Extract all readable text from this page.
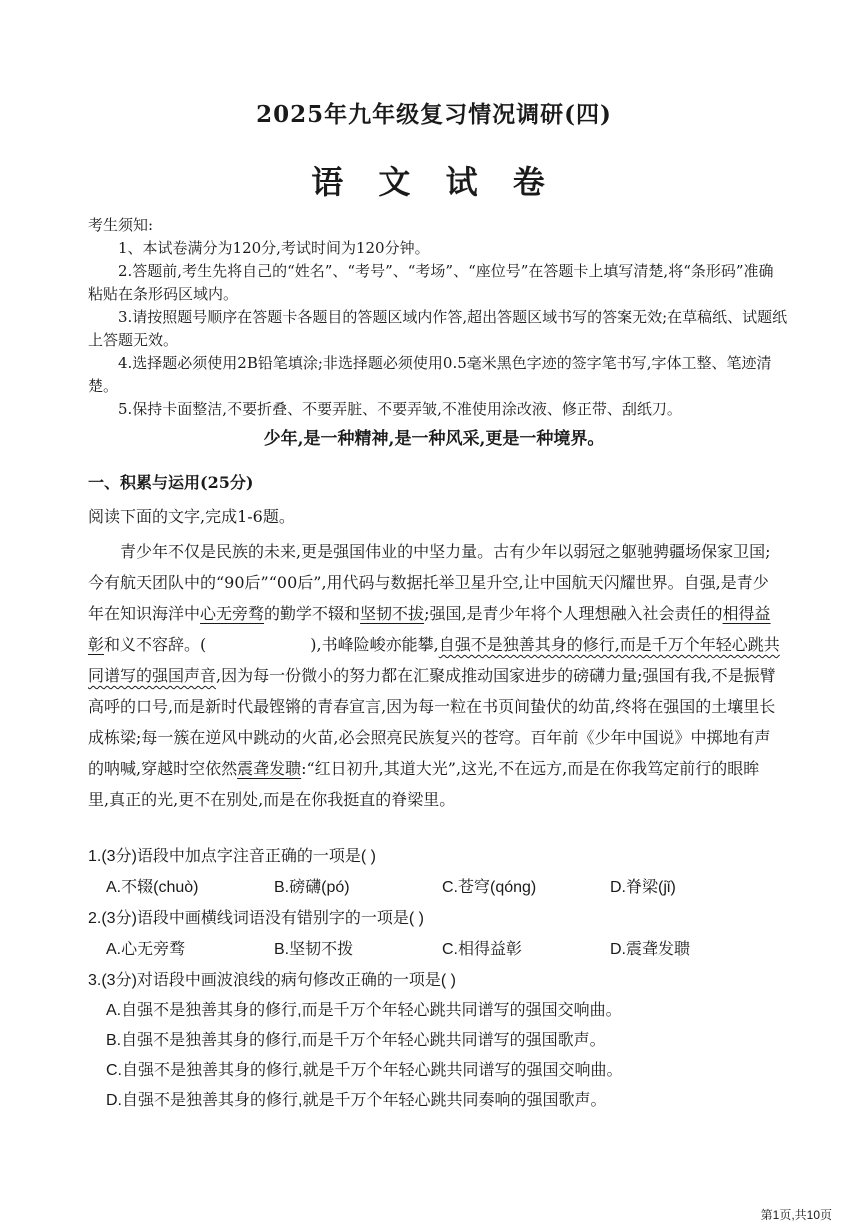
2025年九年级复习情况调研(四)
语 文 试 卷

考生须知:

1、本试卷满分为120分,考试时间为120分钟。

2.答题前,考生先将自己的“姓名”、“考号”、“考场”、“座位号”在答题卡上填写清楚,将“条形码”准确粘贴在条形码区域内。

3.请按照题号顺序在答题卡各题目的答题区域内作答,超出答题区域书写的答案无效;在草稿纸、试题纸上答题无效。

4.选择题必须使用2B铅笔填涂;非选择题必须使用0.5毫米黑色字迹的签字笔书写,字体工整、笔迹清楚。

5.保持卡面整洁,不要折叠、不要弄脏、不要弄皱,不准使用涂改液、修正带、刮纸刀。

少年,是一种精神,是一种风采,更是一种境界。
一、积累与运用(25分)
阅读下面的文字,完成1-6题。

青少年不仅是民族的未来,更是强国伟业的中坚力量。古有少年以弱冠之躯驰骋疆场保家卫国;今有航天团队中的“90后”“00后”,用代码与数据托举卫星升空,让中国航天闪耀世界。自强,是青少年在知识海洋中心无旁骛的勤学不辍和坚韧不拔;强国,是青少年将个人理想融入社会责任的相得益彰和义不容辞。(	),书峰险峻亦能攀,自强不是独善其身的修行,而是千万个年轻心跳共同谱写的强国声音,因为每一份微小的努力都在汇聚成推动国家进步的磅礴力量;强国有我,不是振臂高呼的口号,而是新时代最铿锵的青春宣言,因为每一粒在书页间蛰伏的幼苗,终将在强国的土壤里长成栋梁;每一簇在逆风中跳动的火苗,必会照亮民族复兴的苍穹。百年前《少年中国说》中掷地有声的呐喊,穿越时空依然震聋发聩:“红日初升,其道大光”,这光,不在远方,而是在你我笃定前行的眼眸里,真正的光,更不在别处,而是在你我挺直的脊梁里。

1.(3分)语段中加点字注音正确的一项是( )
A.不辍(chuò)	B.磅礴(pó)	C.苍穹(qóng)	D.脊梁(jǐ)
2.(3分)语段中画横线词语没有错别字的一项是( )
A.心无旁骛	B.坚韧不拨	C.相得益彰	D.震聋发聩
3.(3分)对语段中画波浪线的病句修改正确的一项是( )
A.自强不是独善其身的修行,而是千万个年轻心跳共同谱写的强国交响曲。
B.自强不是独善其身的修行,而是千万个年轻心跳共同谱写的强国歌声。
C.自强不是独善其身的修行,就是千万个年轻心跳共同谱写的强国交响曲。
D.自强不是独善其身的修行,就是千万个年轻心跳共同奏响的强国歌声。
第1页,共10页
